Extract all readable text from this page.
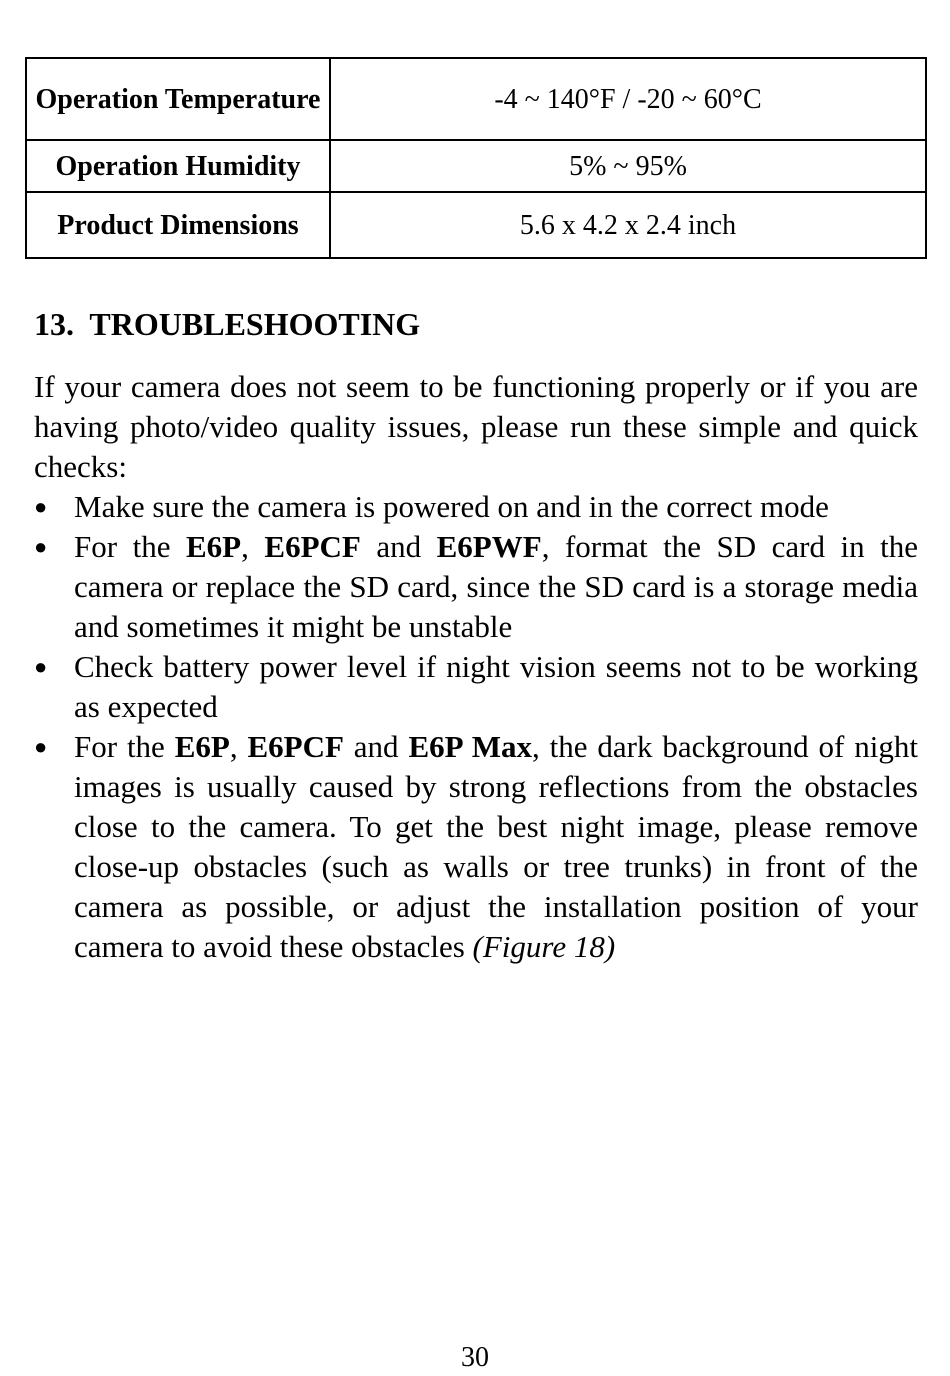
Operation Temperature	-4 ~ 140°F / -20 ~ 60°C
Operation Humidity	5% ~ 95%
Product Dimensions	5.6 x 4.2 x 2.4 inch
13. TROUBLESHOOTING

If your camera does not seem to be functioning properly or if you are having photo/video quality issues, please run these simple and quick checks:

● Make sure the camera is powered on and in the correct mode
● For the E6P, E6PCF and E6PWF, format the SD card in the camera or replace the SD card, since the SD card is a storage media and sometimes it might be unstable
● Check battery power level if night vision seems not to be working as expected
● For the E6P, E6PCF and E6P Max, the dark background of night images is usually caused by strong reflections from the obstacles close to the camera. To get the best night image, please remove close-up obstacles (such as walls or tree trunks) in front of the camera as possible, or adjust the installation position of your camera to avoid these obstacles (Figure 18)
30
